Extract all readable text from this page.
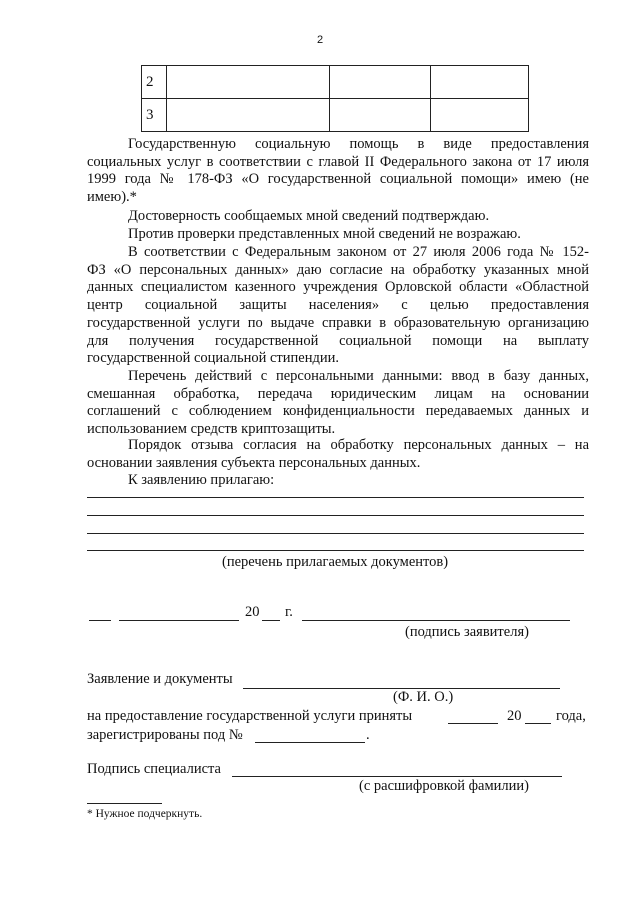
2
2			
3			
Государственную социальную помощь в виде предоставления
социальных услуг в соответствии с главой II Федерального закона от 17 июля
1999 года № 178-ФЗ «О государственной социальной помощи» имею (не
имею).*
Достоверность сообщаемых мной сведений подтверждаю.
Против проверки представленных мной сведений не возражаю.
В соответствии с Федеральным законом от 27 июля 2006 года № 152-
ФЗ «О персональных данных» даю согласие на обработку указанных мной
данных специалистом казенного учреждения Орловской области «Областной
центр социальной защиты населения» с целью предоставления
государственной услуги по выдаче справки в образовательную организацию
для получения государственной социальной помощи на выплату
государственной социальной стипендии.
Перечень действий с персональными данными: ввод в базу данных,
смешанная обработка, передача юридическим лицам на основании
соглашений с соблюдением конфиденциальности передаваемых данных и
использованием средств криптозащиты.
Порядок отзыва согласия на обработку персональных данных – на
основании заявления субъекта персональных данных.
К заявлению прилагаю:
(перечень прилагаемых документов)
20 г.
(подпись заявителя)
Заявление и документы
(Ф. И. О.)
на предоставление государственной услуги приняты	20 года,
зарегистрированы под №	.
Подпись специалиста
(с расшифровкой фамилии)
* Нужное подчеркнуть.
